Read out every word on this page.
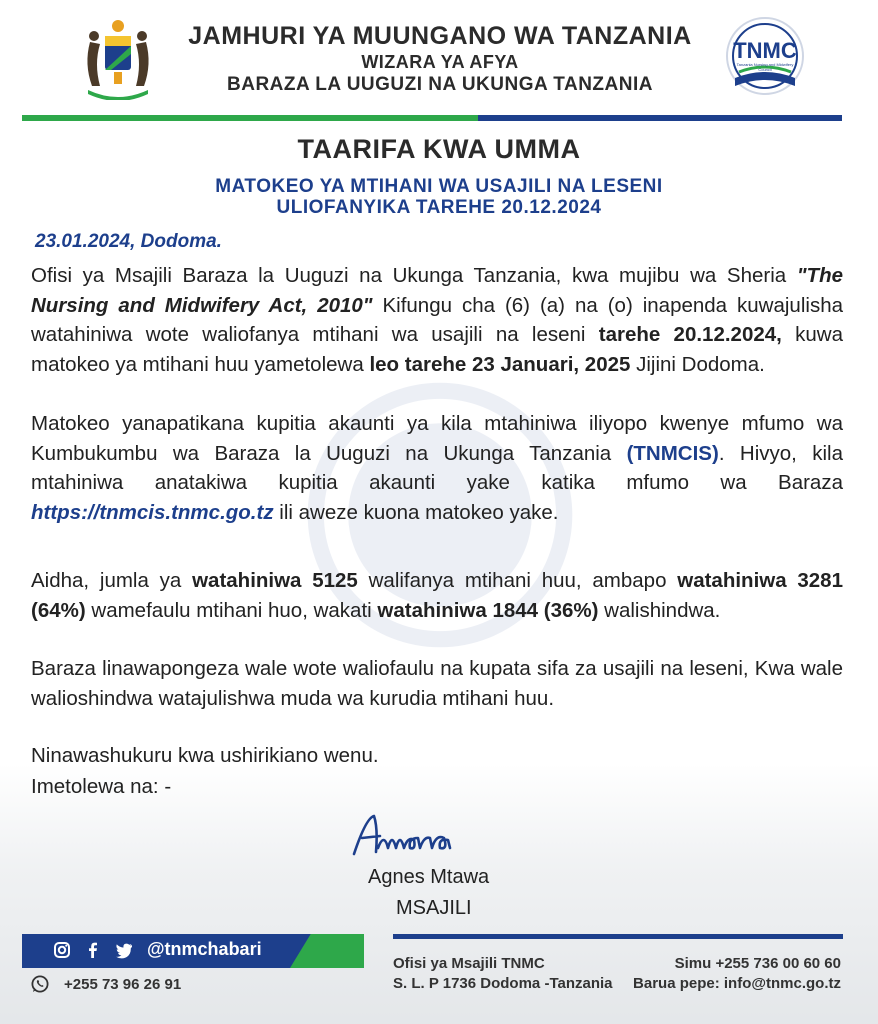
JAMHURI YA MUUNGANO WA TANZANIA
WIZARA YA AFYA
BARAZA LA UUGUZI NA UKUNGA TANZANIA
TNMC
Tanzania Nursing and Midwifery Council
TAARIFA KWA UMMA
MATOKEO YA MTIHANI WA USAJILI NA LESENI
ULIOFANYIKA TAREHE 20.12.2024
23.01.2024, Dodoma.

Ofisi ya Msajili Baraza la Uuguzi na Ukunga Tanzania, kwa mujibu wa Sheria "The Nursing and Midwifery Act, 2010" Kifungu cha (6) (a) na (o) inapenda kuwajulisha watahiniwa wote waliofanya mtihani wa usajili na leseni tarehe 20.12.2024, kuwa matokeo ya mtihani huu yametolewa leo tarehe 23 Januari, 2025 Jijini Dodoma.

Matokeo yanapatikana kupitia akaunti ya kila mtahiniwa iliyopo kwenye mfumo wa Kumbukumbu wa Baraza la Uuguzi na Ukunga Tanzania (TNMCIS). Hivyo, kila mtahiniwa anatakiwa kupitia akaunti yake katika mfumo wa Baraza https://tnmcis.tnmc.go.tz ili aweze kuona matokeo yake.

Aidha, jumla ya watahiniwa 5125 walifanya mtihani huu, ambapo watahiniwa 3281 (64%) wamefaulu mtihani huo, wakati watahiniwa 1844 (36%) walishindwa.

Baraza linawapongeza wale wote waliofaulu na kupata sifa za usajili na leseni, Kwa wale walioshindwa watajulishwa muda wa kurudia mtihani huu.

Ninawashukuru kwa ushirikiano wenu.

Imetolewa na: -

Agnes Mtawa
MSAJILI
@tnmchabari
+255 73 96 26 91
Ofisi ya Msajili TNMC
S. L. P 1736 Dodoma -Tanzania
Simu +255 736 00 60 60
Barua pepe: info@tnmc.go.tz
